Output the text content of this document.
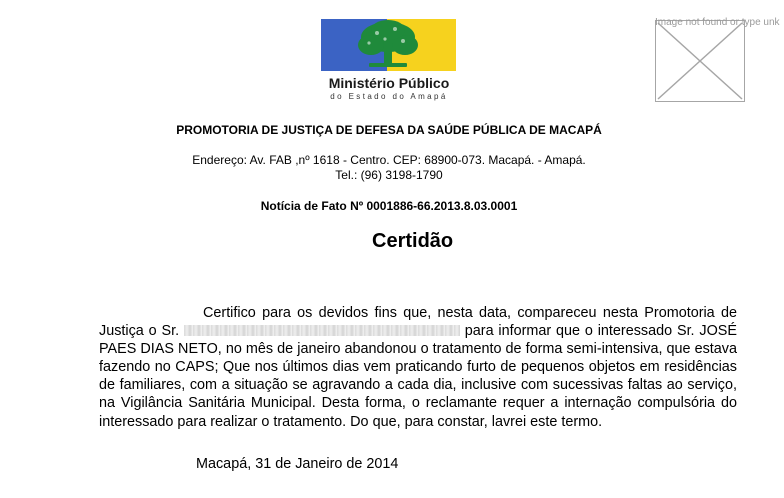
Ministério Público
do Estado do Amapá
Image not found or type unk
PROMOTORIA DE JUSTIÇA DE DEFESA DA SAÚDE PÚBLICA DE MACAPÁ
Endereço: Av. FAB ,nº 1618 - Centro. CEP: 68900-073. Macapá. - Amapá.
Tel.: (96) 3198-1790
Notícia de Fato Nº 0001886-66.2013.8.03.0001
Certidão
Certifico para os devidos fins que, nesta data, compareceu nesta Promotoria de Justiça o Sr.	para informar que o interessado Sr. JOSÉ PAES DIAS NETO, no mês de janeiro abandonou o tratamento de forma semi-intensiva, que estava fazendo no CAPS; Que nos últimos dias vem praticando furto de pequenos objetos em residências de familiares, com a situação se agravando a cada dia, inclusive com sucessivas faltas ao serviço, na Vigilância Sanitária Municipal. Desta forma, o reclamante requer a internação compulsória do interessado para realizar o tratamento. Do que, para constar, lavrei este termo.
Macapá, 31 de Janeiro de 2014
